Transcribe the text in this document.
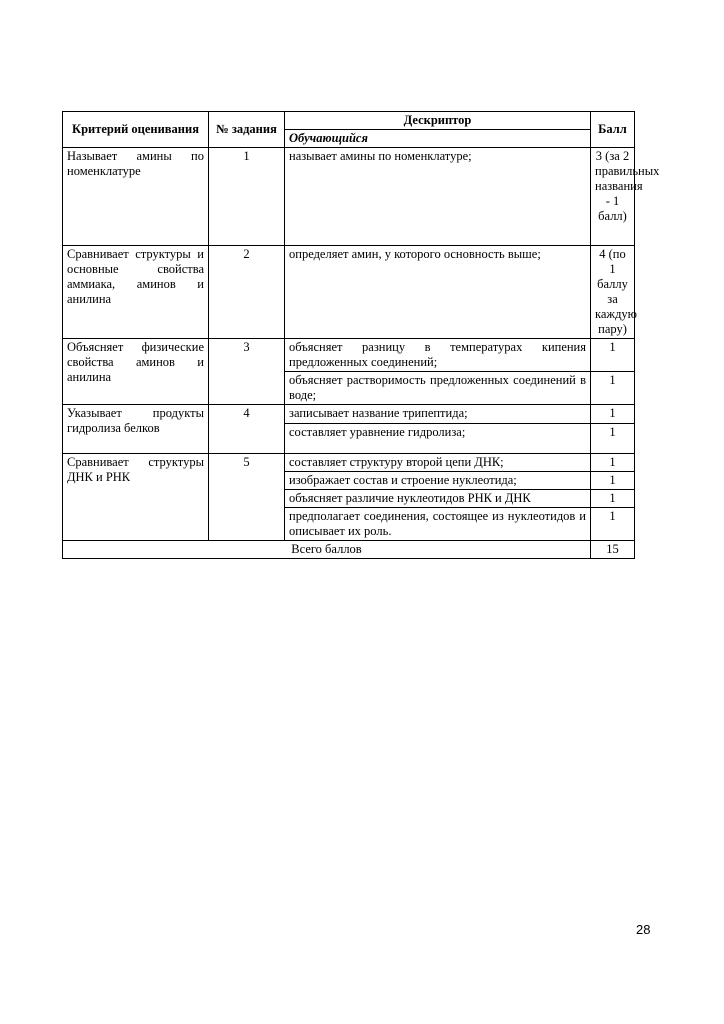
Критерий оценивания	№ задания	Дескриптор	Балл
		Обучающийся	
Называет амины по номенклатуре	1	называет амины по номенклатуре;	3 (за 2 правильных названия - 1 балл)
Сравнивает структуры и основные свойства аммиака, аминов и анилина	2	определяет амин, у которого основность выше;	4 (по 1 баллу за каждую пару)
Объясняет физические свойства аминов и анилина	3	объясняет разницу в температурах кипения предложенных соединений;	1
		объясняет растворимость предложенных соединений в воде;	1
Указывает продукты гидролиза белков	4	записывает название трипептида;	1
		составляет уравнение гидролиза;	1
Сравнивает структуры ДНК и РНК	5	составляет структуру второй цепи ДНК;	1
		изображает состав и строение нуклеотида;	1
		объясняет различие нуклеотидов РНК и ДНК	1
		предполагает соединения, состоящее из нуклеотидов и описывает их роль.	1
Всего баллов			15
28
